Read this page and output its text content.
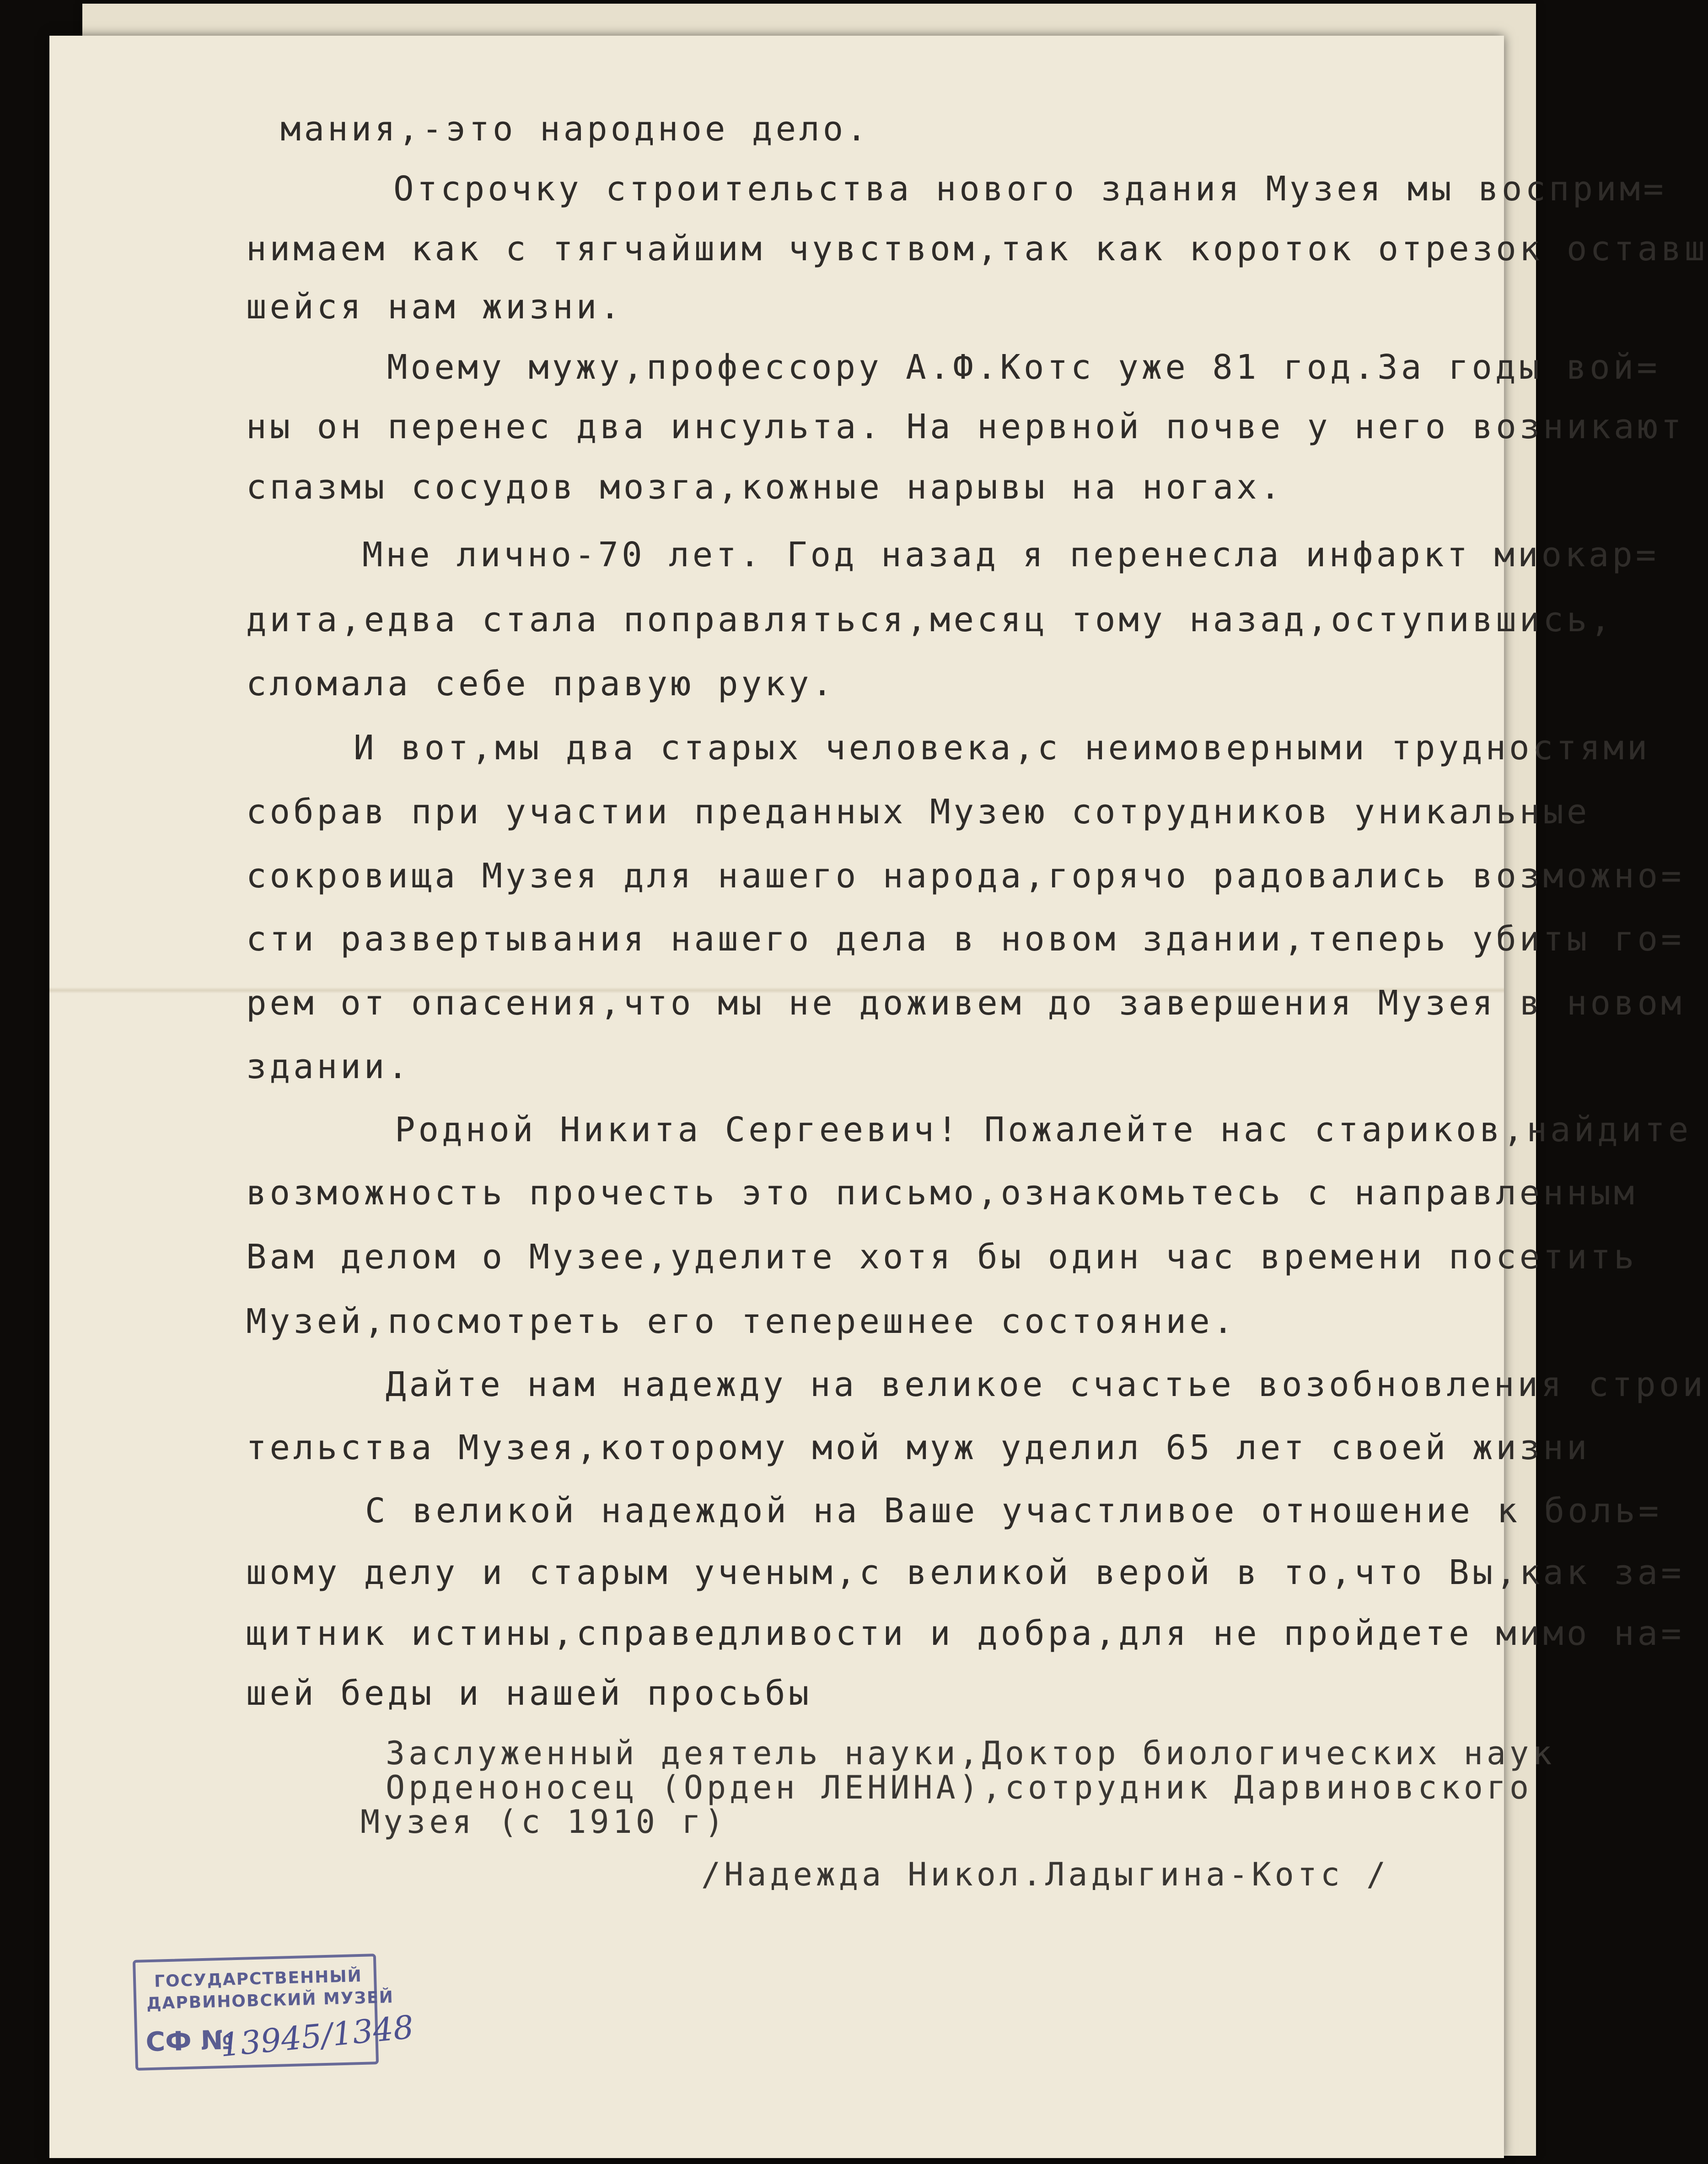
мания,-это народное дело.
Отсрочку строительства нового здания Музея мы восприм=
нимаем как с тягчайшим чувством,так как короток отрезок оставш
шейся нам жизни.
Моему мужу,профессору А.Ф.Котс уже 81 год.За годы вой=
ны он перенес два инсульта. На нервной почве у него возникают
спазмы сосудов мозга,кожные нарывы на ногах.
Мне лично-70 лет. Год назад я перенесла инфаркт миокар=
дита,едва стала поправляться,месяц тому назад,оступившись,
сломала себе правую руку.
И вот,мы два старых человека,с неимоверными трудностями
собрав при участии преданных Музею сотрудников уникальные
сокровища Музея для нашего народа,горячо радовались возможно=
сти развертывания нашего дела в новом здании,теперь убиты го=
рем от опасения,что мы не доживем до завершения Музея в новом
здании.
Родной Никита Сергеевич! Пожалейте нас стариков,найдите
возможность прочесть это письмо,ознакомьтесь с направленным
Вам делом о Музее,уделите хотя бы один час времени посетить
Музей,посмотреть его теперешнее состояние.
Дайте нам надежду на великое счастье возобновления строи
тельства Музея,которому мой муж уделил 65 лет своей жизни
С великой надеждой на Ваше участливое отношение к боль=
шому делу и старым ученым,с великой верой в то,что Вы,как за=
щитник истины,справедливости и добра,для не пройдете мимо на=
шей беды и нашей просьбы
Заслуженный деятель науки,Доктор биологических наук
Орденоносец (Орден ЛЕНИНА),сотрудник Дарвиновского
Музея (с 1910 г)
/Надежда Никол.Ладыгина-Котс /
ГОСУДАРСТВЕННЫЙ
ДАРВИНОВСКИЙ МУЗЕЙ
СФ №
13945/1348
